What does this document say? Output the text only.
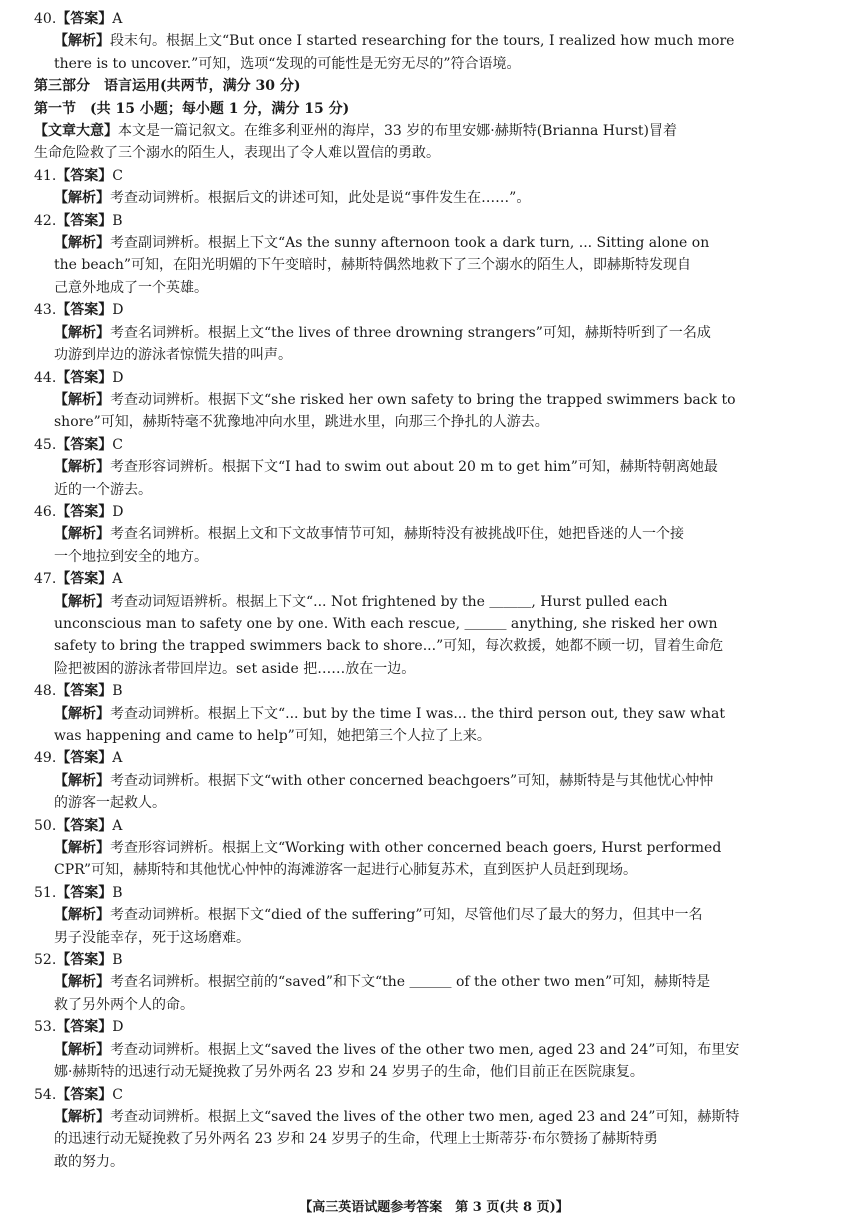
40.【答案】A
【解析】段末句。根据上文“But once I started researching for the tours, I realized how much more
there is to uncover.”可知，选项“发现的可能性是无穷无尽的”符合语境。
第三部分　语言运用(共两节，满分 30 分)
第一节　(共 15 小题；每小题 1 分，满分 15 分)
【文章大意】本文是一篇记叙文。在维多利亚州的海岸，33 岁的布里安娜·赫斯特(Brianna Hurst)冒着
生命危险救了三个溺水的陌生人，表现出了令人难以置信的勇敢。
41.【答案】C
【解析】考查动词辨析。根据后文的讲述可知，此处是说“事件发生在……”。
42.【答案】B
【解析】考查副词辨析。根据上下文“As the sunny afternoon took a dark turn, ... Sitting alone on
the beach”可知，在阳光明媚的下午变暗时，赫斯特偶然地救下了三个溺水的陌生人，即赫斯特发现自
己意外地成了一个英雄。
43.【答案】D
【解析】考查名词辨析。根据上文“the lives of three drowning strangers”可知，赫斯特听到了一名成
功游到岸边的游泳者惊慌失措的叫声。
44.【答案】D
【解析】考查动词辨析。根据下文“she risked her own safety to bring the trapped swimmers back to
shore”可知，赫斯特毫不犹豫地冲向水里，跳进水里，向那三个挣扎的人游去。
45.【答案】C
【解析】考查形容词辨析。根据下文“I had to swim out about 20 m to get him”可知，赫斯特朝离她最
近的一个游去。
46.【答案】D
【解析】考查名词辨析。根据上文和下文故事情节可知，赫斯特没有被挑战吓住，她把昏迷的人一个接
一个地拉到安全的地方。
47.【答案】A
【解析】考查动词短语辨析。根据上下文“... Not frightened by the ＿＿＿, Hurst pulled each
unconscious man to safety one by one. With each rescue, ＿＿＿ anything, she risked her own
safety to bring the trapped swimmers back to shore...”可知，每次救援，她都不顾一切，冒着生命危
险把被困的游泳者带回岸边。set aside 把……放在一边。
48.【答案】B
【解析】考查动词辨析。根据上下文“... but by the time I was... the third person out, they saw what
was happening and came to help”可知，她把第三个人拉了上来。
49.【答案】A
【解析】考查动词辨析。根据下文“with other concerned beachgoers”可知，赫斯特是与其他忧心忡忡
的游客一起救人。
50.【答案】A
【解析】考查形容词辨析。根据上文“Working with other concerned beach goers, Hurst performed
CPR”可知，赫斯特和其他忧心忡忡的海滩游客一起进行心肺复苏术，直到医护人员赶到现场。
51.【答案】B
【解析】考查动词辨析。根据下文“died of the suffering”可知，尽管他们尽了最大的努力，但其中一名
男子没能幸存，死于这场磨难。
52.【答案】B
【解析】考查名词辨析。根据空前的“saved”和下文“the ＿＿＿ of the other two men”可知，赫斯特是
救了另外两个人的命。
53.【答案】D
【解析】考查动词辨析。根据上文“saved the lives of the other two men, aged 23 and 24”可知，布里安
娜·赫斯特的迅速行动无疑挽救了另外两名 23 岁和 24 岁男子的生命，他们目前正在医院康复。
54.【答案】C
【解析】考查动词辨析。根据上文“saved the lives of the other two men, aged 23 and 24”可知，赫斯特
的迅速行动无疑挽救了另外两名 23 岁和 24 岁男子的生命，代理上士斯蒂芬·布尔赞扬了赫斯特勇
敢的努力。
【高三英语试题参考答案　第 3 页(共 8 页)】
